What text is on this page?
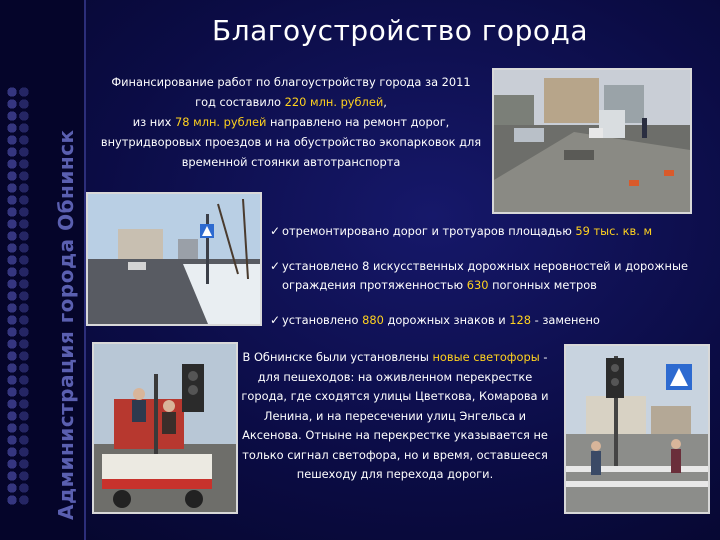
Администрация города Обнинск
Благоустройство города
Финансирование работ по благоустройству города за 2011
год составило 220 млн. рублей,
из них 78 млн. рублей направлено на ремонт дорог,
внутридворовых проездов и на обустройство экопарковок для
временной стоянки автотранспорта
✓ отремонтировано дорог и тротуаров площадью 59 тыс. кв. м
✓ установлено 8 искусственных дорожных неровностей и дорожные ограждения протяженностью 630 погонных метров
✓ установлено 880 дорожных знаков и 128 - заменено
В Обнинске были установлены новые светофоры -
для пешеходов: на оживленном перекрестке
города, где сходятся улицы Цветкова, Комарова и
Ленина, и на пересечении улиц Энгельса и
Аксенова. Отныне на перекрестке указывается не
только сигнал светофора, но и время, оставшееся
пешеходу для перехода дороги.
